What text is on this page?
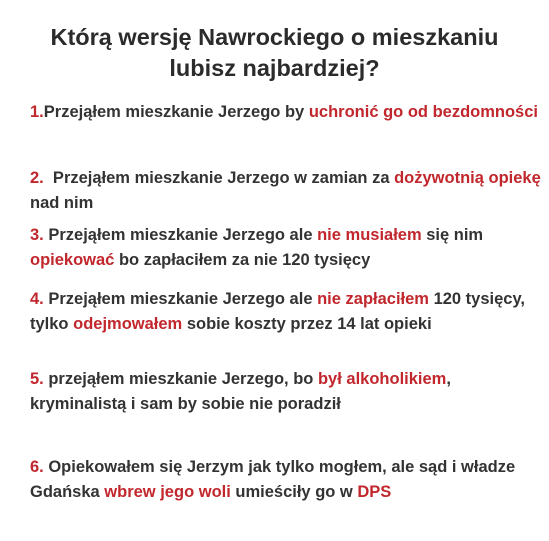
Którą wersję Nawrockiego o mieszkaniu
lubisz najbardziej?
1.Przejąłem mieszkanie Jerzego by uchronić go od bezdomności
2.  Przejąłem mieszkanie Jerzego w zamian za dożywotnią opiekę nad nim
3. Przejąłem mieszkanie Jerzego ale nie musiałem się nim opiekować bo zapłaciłem za nie 120 tysięcy
4. Przejąłem mieszkanie Jerzego ale nie zapłaciłem 120 tysięcy, tylko odejmowałem sobie koszty przez 14 lat opieki
5. przejąłem mieszkanie Jerzego, bo był alkoholikiem, kryminalistą i sam by sobie nie poradził
6. Opiekowałem się Jerzym jak tylko mogłem, ale sąd i władze Gdańska wbrew jego woli umieściły go w DPS
